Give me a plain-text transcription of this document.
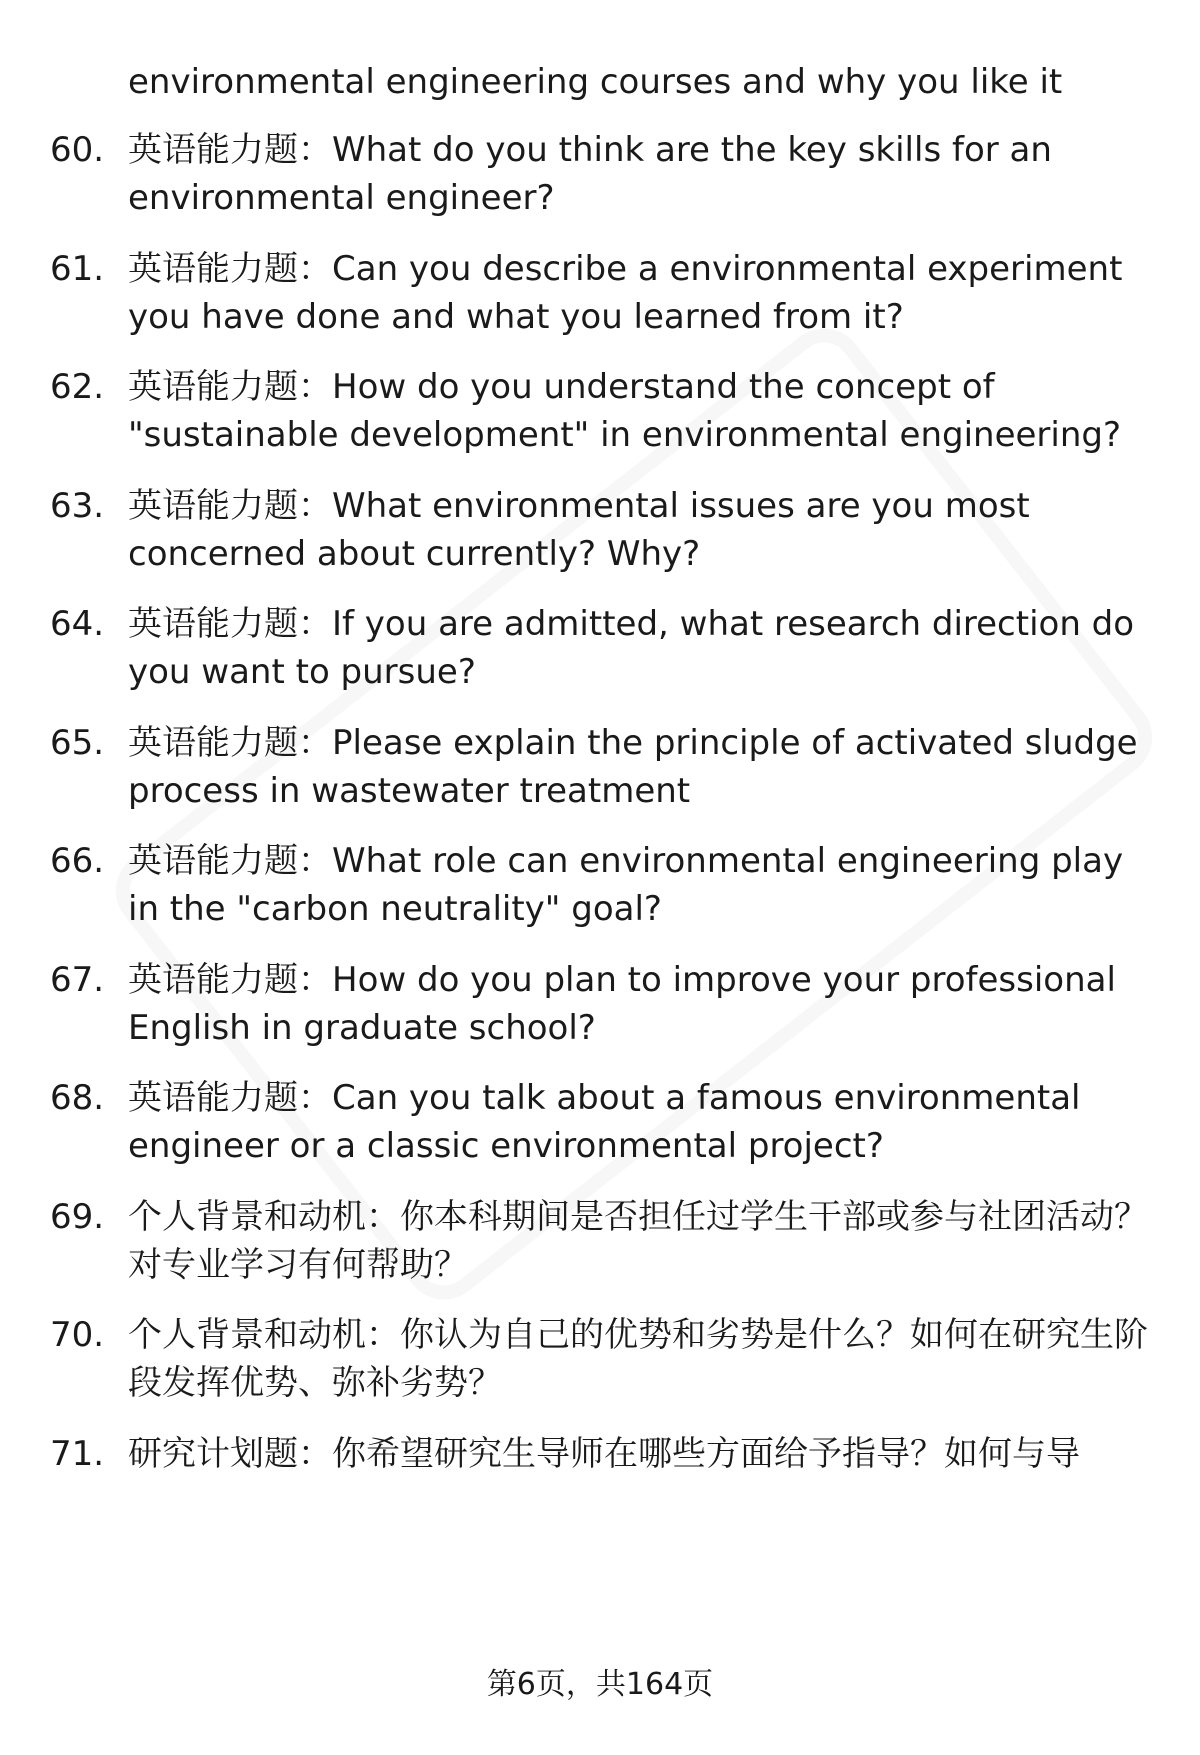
environmental engineering courses and why you like it
60. 英语能力题：What do you think are the key skills for an environmental engineer?
61. 英语能力题：Can you describe a environmental experiment you have done and what you learned from it?
62. 英语能力题：How do you understand the concept of "sustainable development" in environmental engineering?
63. 英语能力题：What environmental issues are you most concerned about currently? Why?
64. 英语能力题：If you are admitted, what research direction do you want to pursue?
65. 英语能力题：Please explain the principle of activated sludge process in wastewater treatment
66. 英语能力题：What role can environmental engineering play in the "carbon neutrality" goal?
67. 英语能力题：How do you plan to improve your professional English in graduate school?
68. 英语能力题：Can you talk about a famous environmental engineer or a classic environmental project?
69. 个人背景和动机：你本科期间是否担任过学生干部或参与社团活动？对专业学习有何帮助？
70. 个人背景和动机：你认为自己的优势和劣势是什么？如何在研究生阶段发挥优势、弥补劣势？
71. 研究计划题：你希望研究生导师在哪些方面给予指导？如何与导
第6页，共164页
